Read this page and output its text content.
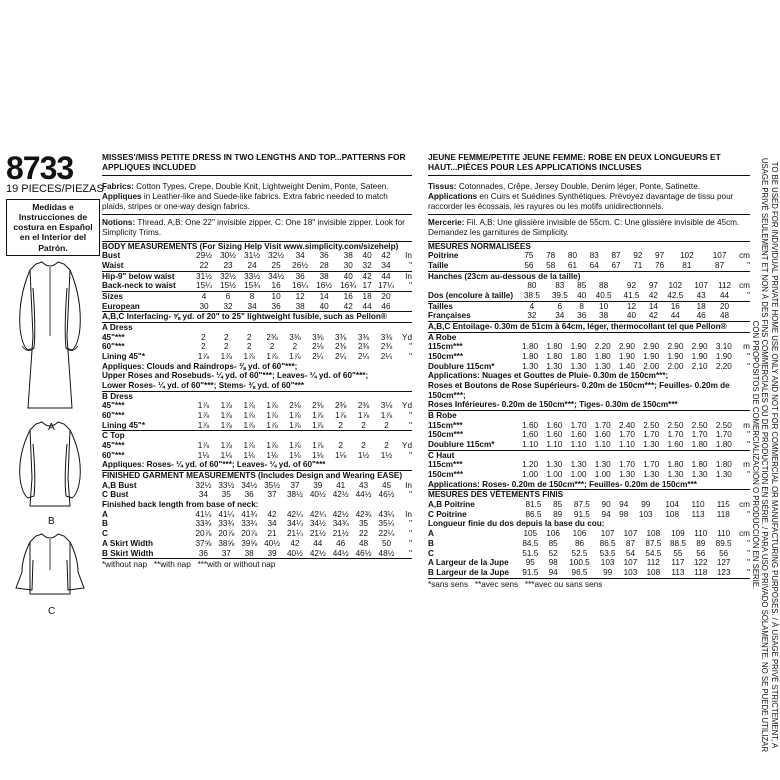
8733
19 PIECES/PIEZAS
Medidas e Instrucciones de costura en Español en el Interior del Patrón.
A
B
C
MISSES'/MISS PETITE DRESS IN TWO LENGTHS AND TOP...PATTERNS FOR APPLIQUES INCLUDED
Fabrics: Cotton Types, Crepe, Double Knit, Lightweight Denim, Ponte, Sateen.
Appliques in Leather-like and Suede-like fabrics. Extra fabric needed to match plaids, stripes or one-way design fabrics.
Notions: Thread. A,B: One 22" invisible zipper. C: One 18" invisible zipper. Look for Simplicity Trims.
BODY MEASUREMENTS (For Sizing Help Visit www.simplicity.com/sizehelp)
Bust	29½	30½	31½	32½	34	36	38	40	42	In
Waist	22	23	24	25	26½	28	30	32	34	"
Hip-9" below waist	31½	32½	33½	34½	36	38	40	42	44	In
Back-neck to waist	15¼	15½	15¾	16	16¼	16½	16¾	17	17¼	"
Sizes	4	6	8	10	12	14	16	18	20	
European	30	32	34	36	38	40	42	44	46	
A,B,C Interfacing- ⅝ yd. of 20" to 25" lightweight fusible, such as Pellon®
A Dress
45"***	2	2	2	2⅜	3⅜	3⅜	3⅜	3⅜	3⅜	Yd
60"***	2	2	2	2	2	2⅛	2⅜	2⅜	2⅜	"
Lining 45"*	1⅞	1⅞	1⅞	1⅞	1⅞	2¼	2¼	2¼	2¼	"
Appliques: Clouds and Raindrops- ⅜ yd. of 60"***;
Upper Roses and Rosebuds- ¼ yd. of 60"***; Leaves- ¼ yd. of 60"***;
Lower Roses- ¼ yd. of 60"***; Stems- ⅜ yd. of 60"***
B Dress
45"***	1⅞	1⅞	1⅞	1⅞	2⅛	2⅜	2⅜	2⅜	3⅛	Yd
60"***	1⅞	1⅞	1⅞	1⅞	1⅞	1⅞	1⅞	1⅞	1⅞	"
Lining 45"*	1⅞	1⅞	1⅞	1⅞	1⅞	1⅞	2	2	2	"
C Top
45"***	1⅞	1⅞	1⅞	1⅞	1⅞	1⅞	2	2	2	Yd
60"***	1⅛	1⅛	1⅛	1⅛	1⅛	1⅛	1⅛	1½	1½	"
Appliques: Roses- ¼ yd. of 60"***; Leaves- ¼ yd. of 60"***
FINISHED GARMENT MEASUREMENTS (Includes Design and Wearing EASE)
A,B Bust	32½	33½	34½	35½	37	39	41	43	45	In
C Bust	34	35	36	37	38½	40½	42½	44½	46½	"
Finished back length from base of neck:
A	41¼	41¼	41¾	42	42¼	42¼	42½	42¾	43¼	In
B	33¾	33¾	33¾	34	34¼	34½	34¾	35	35¼	"
C	20⅞	20⅞	20⅞	21	21¼	21½	21½	22	22¼	"
A Skirt Width	37⅝	38⅝	39⅝	40½	42	44	46	48	50	"
B Skirt Width	36	37	38	39	40½	42½	44½	46½	48½	"
*without nap   **with nap   ***with or without nap
JEUNE FEMME/PETITE JEUNE FEMME: ROBE EN DEUX LONGUEURS ET HAUT...PIÈCES POUR LES APPLICATIONS INCLUSES
Tissus: Cotonnades, Crêpe, Jersey Double, Denim léger, Ponte, Satinette. Applications en Cuirs et Suédines Synthétiques. Prévoyez davantage de tissu pour raccorder les écossais, les rayures ou les motifs unidirectionnels.
Mercerie: Fil. A,B: Une glissière invisible de 55cm. C: Une glissière invisible de 45cm. Demandez les garnitures de Simplicity.
MESURES NORMALISÉES
Poitrine	75	78	80	83	87	92	97	102	107	cm
Taille	56	58	61	64	67	71	76	81	87	"
Hanches (23cm au-dessous de la taille)
	80	83	85	88	92	97	102	107	112	cm
Dos (encolure à taille)	38.5	39.5	40	40.5	41.5	42	42.5	43	44	"
Tailles	4	6	8	10	12	14	16	18	20	
Françaises	32	34	36	38	40	42	44	46	48	
A,B,C Entoilage- 0.30m de 51cm à 64cm, léger, thermocollant tel que Pellon®
A Robe
115cm***	1.80	1.80	1.90	2.20	2.90	2.90	2.90	2.90	3.10	m
150cm***	1.80	1.80	1.80	1.80	1.90	1.90	1.90	1.90	1.90	"
Doublure 115cm*	1.30	1.30	1.30	1.30	1.40	2.00	2.00	2.10	2.20	"
Applications: Nuages et Gouttes de Pluie- 0.30m de 150cm***;
Roses et Boutons de Rose Supérieurs- 0.20m de 150cm***; Feuilles- 0.20m de 150cm***;
Roses Inférieures- 0.20m de 150cm***; Tiges- 0.30m de 150cm***
B Robe
115cm***	1.60	1.60	1.70	1.70	2.40	2.50	2.50	2.50	2.50	m
150cm***	1.60	1.60	1.60	1.60	1.70	1.70	1.70	1.70	1.70	"
Doublure 115cm*	1.10	1.10	1.10	1.10	1.10	1.30	1.60	1.80	1.80	"
C Haut
115cm***	1.20	1.30	1.30	1.30	1.70	1.70	1.80	1.80	1.80	m
150cm***	1.00	1.00	1.00	1.00	1.30	1.30	1.30	1.30	1.30	"
Applications: Roses- 0.20m de 150cm***; Feuilles- 0.20m de 150cm***
MESURES DES VÊTEMENTS FINIS
A,B Poitrine	81.5	85	87.5	90	94	99	104	110	115	cm
C Poitrine	86.5	89	91.5	94	98	103	108	113	118	"
Longueur finie du dos depuis la base du cou:
A	105	106	106	107	107	108	109	110	110	cm
B	84.5	85	86	86.5	87	87.5	88.5	89	89.5	"
C	51.5	52	52.5	53.5	54	54.5	55	56	56	"
A Largeur de la Jupe	95	98	100.5	103	107	112	117	122	127	"
B Largeur de la Jupe	91.5	94	96.5	99	103	108	113	118	123	"
*sans sens   **avec sens   ***avec ou sans sens	TO BE USED FOR INDIVIDUAL PRIVATE HOME USE ONLY AND NOT FOR COMMERCIAL OR MANUFACTURING PURPOSES. / À USAGE PRIVÉ STRICTEMENT, A USAGE PRIVÉ SEULEMENT ET NON À DES FINS COMMERCIALES OU DE PRODUCTION EN SÉRIE. / PARA USO PRIVADO SOLAMENTE. NO SE PUEDE UTILIZAR CON PROPÓSITOS DE COMERCIALIZACIÓN O PRODUCCIÓN EN SERIE.
